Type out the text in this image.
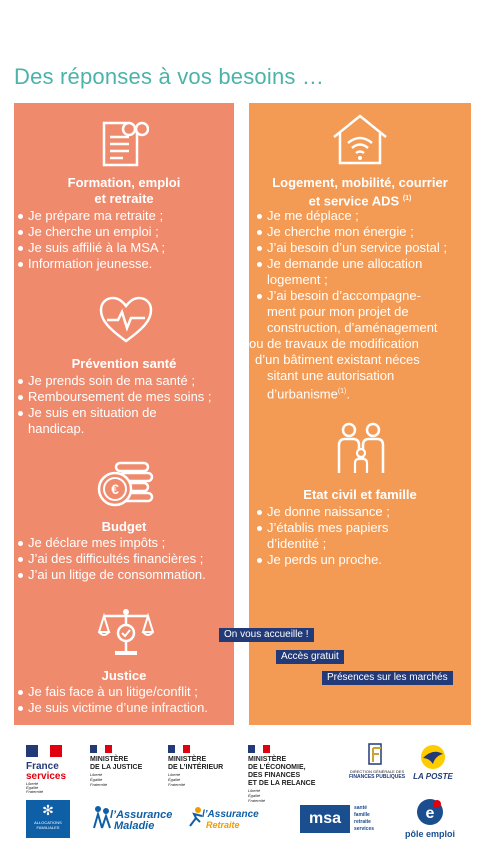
Des réponses à vos besoins …
Formation, emploi
et retraite
Je prépare ma retraite ;
Je cherche un emploi ;
Je suis affilié à la MSA ;
Information jeunesse.
Prévention santé
Je prends soin de ma santé ;
Remboursement de mes soins ;
Je suis en situation de
handicap.
€
Budget
Je déclare mes impôts ;
J’ai des difficultés financières ;
J’ai un litige de consommation.
Justice
Je fais face à un litige/conflit ;
Je suis victime d’une infraction.
Logement, mobilité, courrier
et service ADS $^{(1)}$
Je me déplace ;
Je cherche mon énergie ;
J’ai besoin d’un service postal ;
Je demande une allocation
logement ;
J’ai besoin d’accompagne-
ment pour mon projet de
construction, d’aménagement
ou de travaux de modification
d’un bâtiment existant néces
sitant une autorisation
d’urbanisme$^{(1)}$.
Etat civil et famille
Je donne naissance ;
J’établis mes papiers
d’identité ;
Je perds un proche.
On vous accueille !
Accès gratuit
Présences sur les marchés
France
services
Liberté
Égalité
Fraternité
MINISTÈRE
DE LA JUSTICE
Liberté
Égalité
Fraternité
MINISTÈRE
DE L’INTÉRIEUR
Liberté
Égalité
Fraternité
MINISTÈRE
DE L’ÉCONOMIE,
DES FINANCES
ET DE LA RELANCE
Liberté
Égalité
Fraternité
DIRECTION GÉNÉRALE DES
FINANCES PUBLIQUES	LA POSTE
✻
ALLOCATIONS
FAMILIALES
l’Assurance
Maladie
l’Assurance
Retraite	msa
santé
famille
retraite
services
e
pôle emploi
